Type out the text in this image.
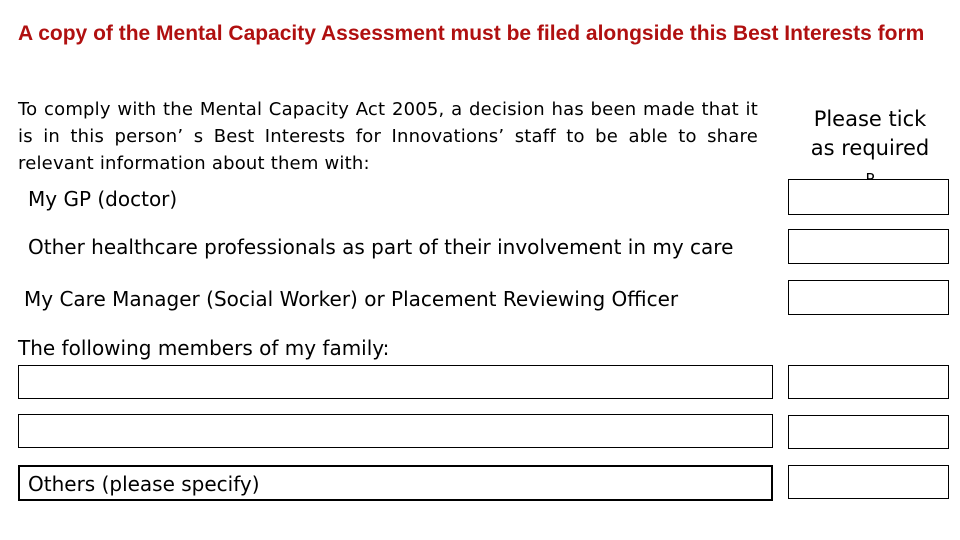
A copy of the Mental Capacity Assessment must be filed alongside this Best Interests form
To comply with the Mental Capacity Act 2005, a decision has been made that it is in this person’ s Best Interests for Innovations’ staff to be able to share relevant information about them with:
Please tick as required

My GP (doctor)
Other healthcare professionals as part of their involvement in my care
My Care Manager (Social Worker) or Placement Reviewing Officer
The following members of my family:
Others (please specify)
